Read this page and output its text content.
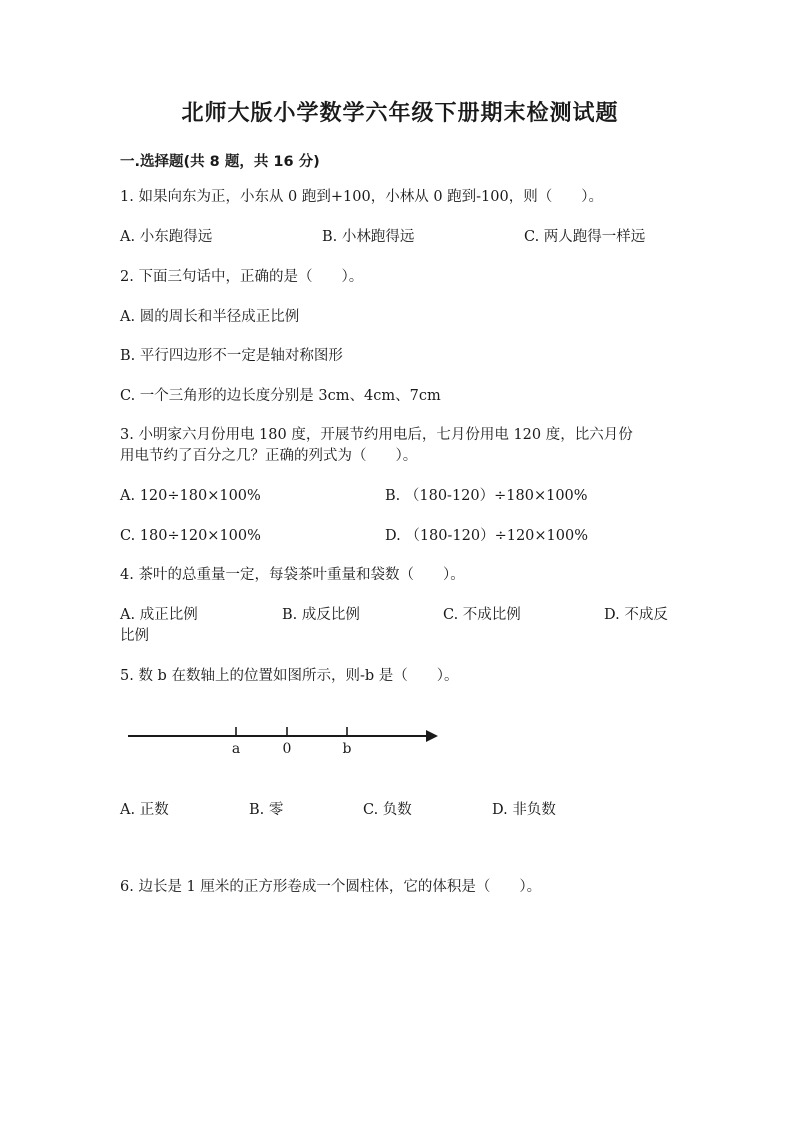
北师大版小学数学六年级下册期末检测试题
一.选择题(共 8 题，共 16 分)
1. 如果向东为正，小东从 0 跑到+100，小林从 0 跑到-100，则（　　）。
A. 小东跑得远	B. 小林跑得远	C. 两人跑得一样远
2. 下面三句话中，正确的是（　　）。
A. 圆的周长和半径成正比例
B. 平行四边形不一定是轴对称图形
C. 一个三角形的边长度分别是 3cm、4cm、7cm
3. 小明家六月份用电 180 度，开展节约用电后，七月份用电 120 度，比六月份
用电节约了百分之几？正确的列式为（　　）。
A. 120÷180×100%	B. （180-120）÷180×100%
C. 180÷120×100%	D. （180-120）÷120×100%
4. 茶叶的总重量一定，每袋茶叶重量和袋数（　　）。
A. 成正比例	B. 成反比例	C. 不成比例	D. 不成反
比例
5. 数 b 在数轴上的位置如图所示，则-b 是（　　）。
a	0	b
A. 正数	B. 零	C. 负数	D. 非负数
6. 边长是 1 厘米的正方形卷成一个圆柱体，它的体积是（　　）。
